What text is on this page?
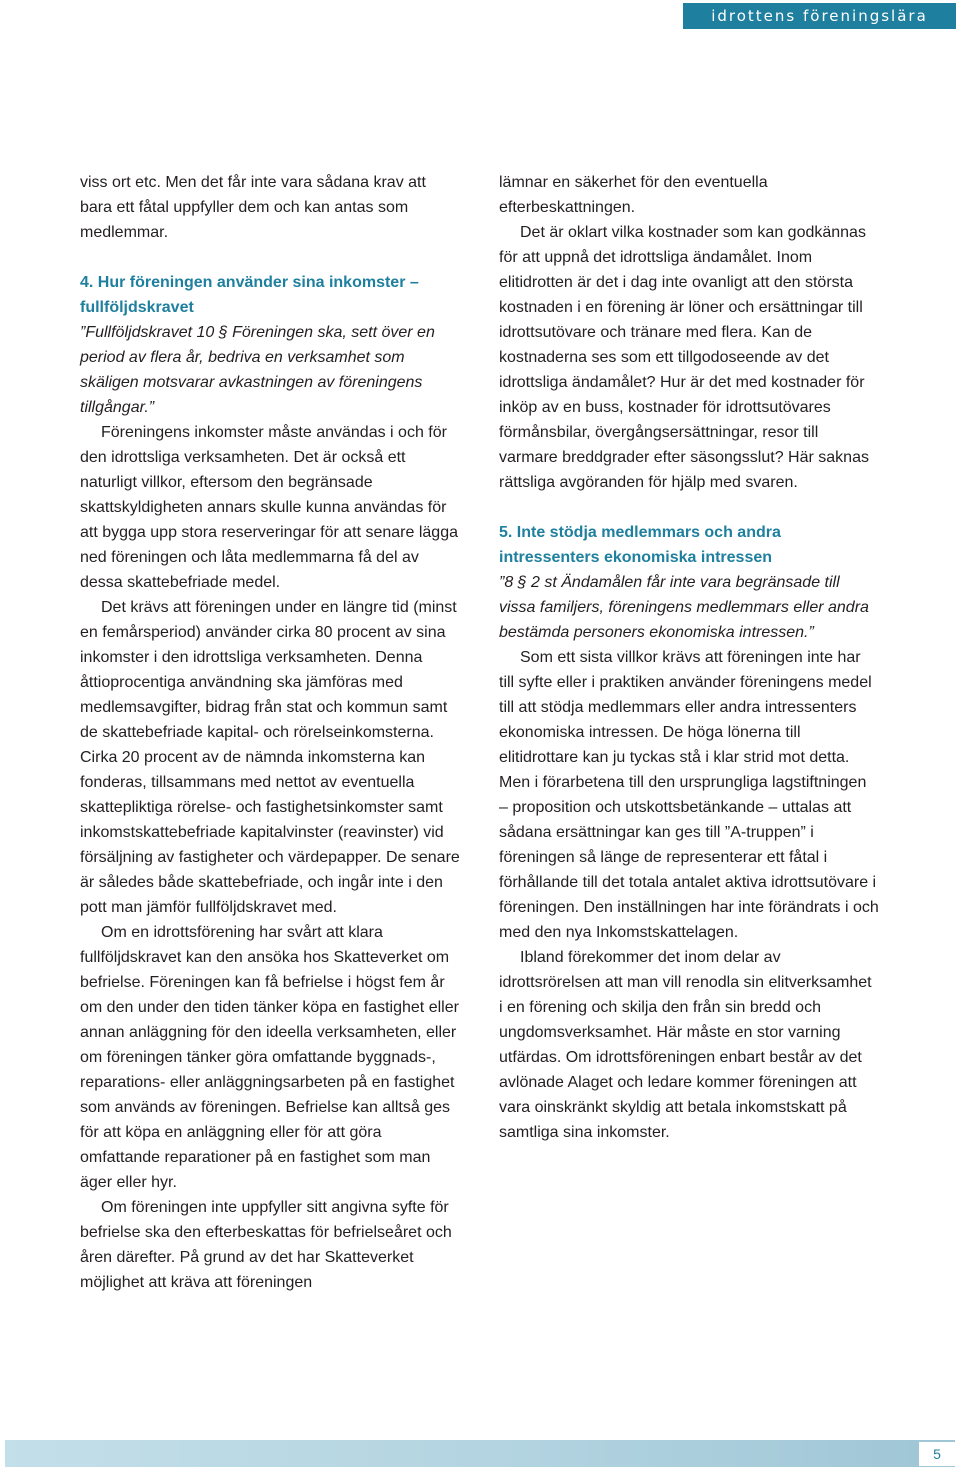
idrottens föreningslära

viss ort etc. Men det får inte vara sådana krav att bara ett fåtal uppfyller dem och kan antas som medlemmar.

4. Hur föreningen använder sina inkomster – fullföljdskravet

”Fullföljdskravet 10 § Föreningen ska, sett över en period av flera år, bedriva en verksamhet som skäligen motsvarar avkastningen av föreningens tillgångar.”

Föreningens inkomster måste användas i och för den idrottsliga verksamheten. Det är också ett naturligt villkor, eftersom den begränsade skattskyldigheten annars skulle kunna användas för att bygga upp stora reserveringar för att senare lägga ned föreningen och låta medlemmarna få del av dessa skattebefriade medel.

Det krävs att föreningen under en längre tid (minst en femårsperiod) använder cirka 80 procent av sina inkomster i den idrottsliga verksamheten. Denna åttioprocentiga användning ska jämföras med medlemsavgifter, bidrag från stat och kommun samt de skattebefriade kapital- och rörelseinkomsterna. Cirka 20 procent av de nämnda inkomsterna kan fonderas, tillsammans med nettot av eventuella skattepliktiga rörelse- och fastighetsinkomster samt inkomstskattebefriade kapitalvinster (reavinster) vid försäljning av fastigheter och värdepapper. De senare är således både skattebefriade, och ingår inte i den pott man jämför fullföljdskravet med.

Om en idrottsförening har svårt att klara fullföljdskravet kan den ansöka hos Skatteverket om befrielse. Föreningen kan få befrielse i högst fem år om den under den tiden tänker köpa en fastighet eller annan anläggning för den ideella verksamheten, eller om föreningen tänker göra omfattande byggnads-, reparations- eller anläggningsarbeten på en fastighet som används av föreningen. Befrielse kan alltså ges för att köpa en anläggning eller för att göra omfattande reparationer på en fastighet som man äger eller hyr.

Om föreningen inte uppfyller sitt angivna syfte för befrielse ska den efterbeskattas för befrielseåret och åren därefter. På grund av det har Skatteverket möjlighet att kräva att föreningen

lämnar en säkerhet för den eventuella efterbeskattningen.

Det är oklart vilka kostnader som kan godkännas för att uppnå det idrottsliga ändamålet. Inom elitidrotten är det i dag inte ovanligt att den största kostnaden i en förening är löner och ersättningar till idrottsutövare och tränare med flera. Kan de kostnaderna ses som ett tillgodoseende av det idrottsliga ändamålet? Hur är det med kostnader för inköp av en buss, kostnader för idrottsutövares förmånsbilar, övergångsersättningar, resor till varmare breddgrader efter säsongsslut? Här saknas rättsliga avgöranden för hjälp med svaren.

5. Inte stödja medlemmars och andra intressenters ekonomiska intressen

”8 § 2 st Ändamålen får inte vara begränsade till vissa familjers, föreningens medlemmars eller andra bestämda personers ekonomiska intressen.”

Som ett sista villkor krävs att föreningen inte har till syfte eller i praktiken använder föreningens medel till att stödja medlemmars eller andra intressenters ekonomiska intressen. De höga lönerna till elitidrottare kan ju tyckas stå i klar strid mot detta. Men i förarbetena till den ursprungliga lagstiftningen – proposition och utskottsbetänkande – uttalas att sådana ersättningar kan ges till ”A-truppen” i föreningen så länge de representerar ett fåtal i förhållande till det totala antalet aktiva idrottsutövare i föreningen. Den inställningen har inte förändrats i och med den nya Inkomstskattelagen.

Ibland förekommer det inom delar av idrottsrörelsen att man vill renodla sin elitverksamhet i en förening och skilja den från sin bredd och ungdomsverksamhet. Här måste en stor varning utfärdas. Om idrottsföreningen enbart består av det avlönade Alaget och ledare kommer föreningen att vara oinskränkt skyldig att betala inkomstskatt på samtliga sina inkomster.

5
